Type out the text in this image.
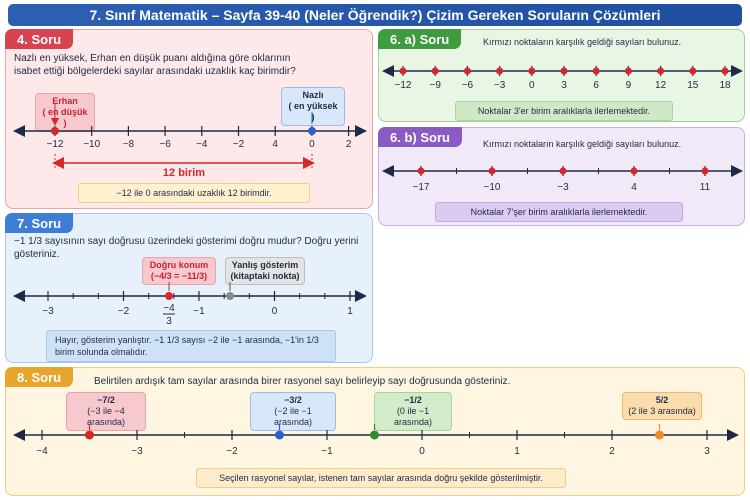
7. Sınıf Matematik – Sayfa 39-40 (Neler Öğrendik?) Çizim Gereken Soruların Çözümleri
4. Soru
Nazlı en yüksek, Erhan en düşük puanı aldığına göre oklarının isabet ettiği bölgelerdeki sayılar arasındaki uzaklık kaç birimdir?
Erhan
( en düşük )
Nazlı
( en yüksek )
−12 −10 −8	−6	−4	−2	4	0	2
12 birim
−12 ile 0 arasındaki uzaklık 12 birimdir.
6. a) Soru	Kırmızı noktaların karşılık geldiği sayıları bulunuz.
−12 −9 −6 −3 0	3	6	9 12 15 18
Noktalar 3'er birim aralıklarla ilerlemektedir.
6. b) Soru	Kırmızı noktaların karşılık geldiği sayıları bulunuz.
−17	−10	−3	4	11
Noktalar 7'şer birim aralıklarla ilerlemektedir.
7. Soru
−1 1/3 sayısının sayı doğrusu üzerindeki gösterimi doğru mudur? Doğru yerini gösteriniz.
Doğru konum
(−4/3 = −11/3)
Yanlış gösterim
(kitaptaki nokta)
−3	−2	−1	0	1
−4
3
Hayır, gösterim yanlıştır. −1 1/3 sayısı −2 ile −1 arasında, −1'in 1/3 birim solunda olmalıdır.
8. Soru	Belirtilen ardışık tam sayılar arasında birer rasyonel sayı belirleyip sayı doğrusunda gösteriniz.
−7/2
(−3 ile −4 arasında)
−3/2
(−2 ile −1 arasında)
−1/2
(0 ile −1 arasında)
5/2
(2 ile 3 arasında)
−4	−3	−2	−1	0	1	2	3
Seçilen rasyonel sayılar, istenen tam sayılar arasında doğru şekilde gösterilmiştir.
